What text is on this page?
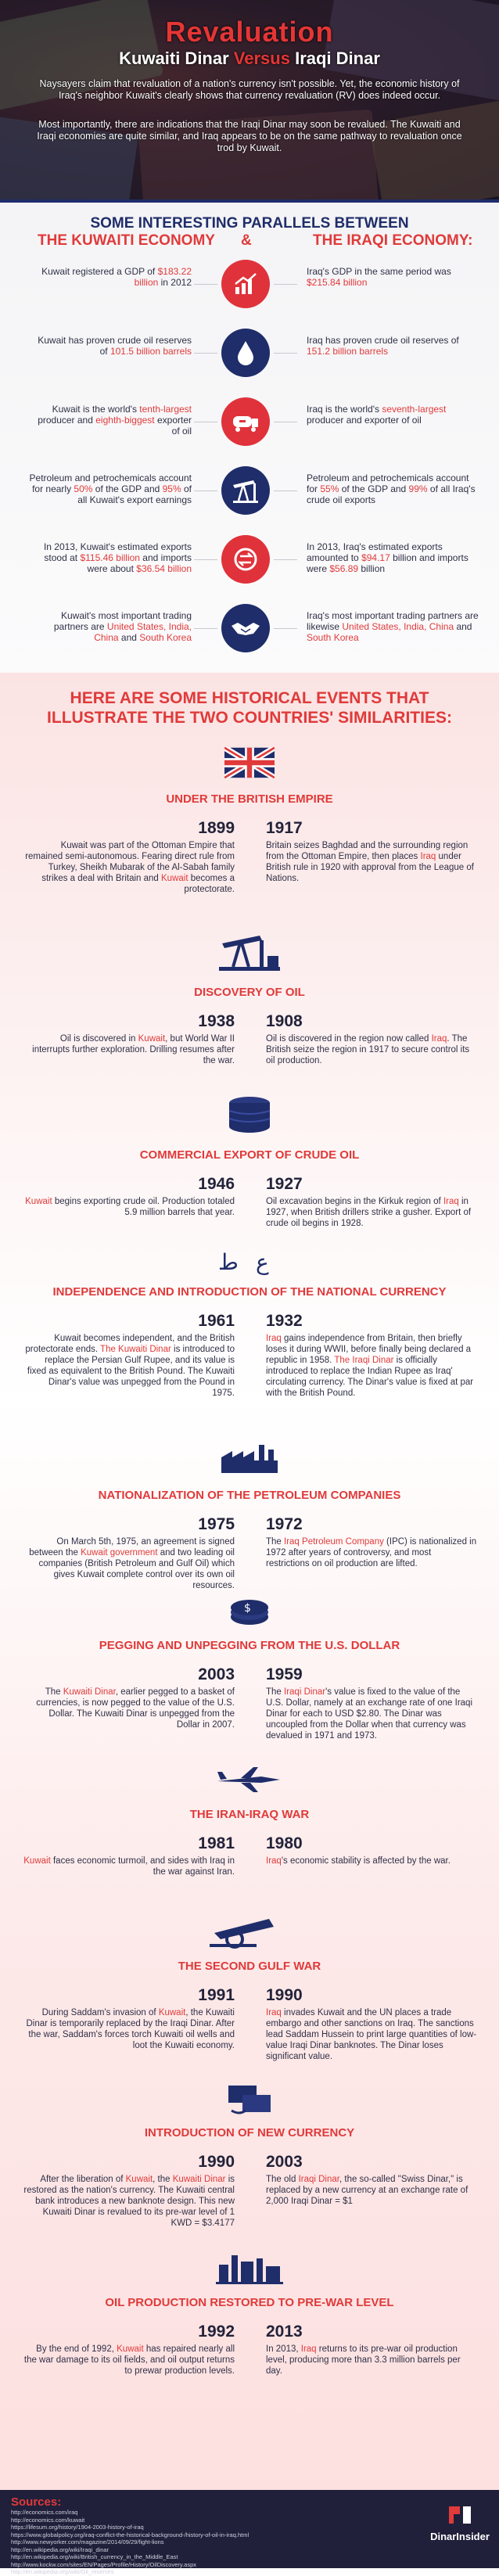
Revaluation
Kuwaiti Dinar Versus Iraqi Dinar
Naysayers claim that revaluation of a nation's currency isn't possible. Yet, the economic history of Iraq's neighbor Kuwait's clearly shows that currency revaluation (RV) does indeed occur.
Most importantly, there are indications that the Iraqi Dinar may soon be revalued. The Kuwaiti and Iraqi economies are quite similar, and Iraq appears to be on the same pathway to revaluation once trod by Kuwait.
SOME INTERESTING PARALLELS BETWEEN
THE KUWAITI ECONOMY &	THE IRAQI ECONOMY:
Kuwait registered a GDP of $183.22 billion in 2012
Iraq's GDP in the same period was $215.84 billion
Kuwait has proven crude oil reserves of 101.5 billion barrels
Iraq has proven crude oil reserves of 151.2 billion barrels
Kuwait is the world's tenth-largest producer and eighth-biggest exporter of oil
Iraq is the world's seventh-largest producer and exporter of oil
Petroleum and petrochemicals account for nearly 50% of the GDP and 95% of all Kuwait's export earnings
Petroleum and petrochemicals account for 55% of the GDP and 99% of all Iraq's crude oil exports
In 2013, Kuwait's estimated exports stood at $115.46 billion and imports were about $36.54 billion
In 2013, Iraq's estimated exports amounted to $94.17 billion and imports were $56.89 billion
Kuwait's most important trading partners are United States, India, China and South Korea
Iraq's most important trading partners are likewise United States, India, China and South Korea
HERE ARE SOME HISTORICAL EVENTS THAT ILLUSTRATE THE TWO COUNTRIES' SIMILARITIES:
UNDER THE BRITISH EMPIRE
1899 1917
Kuwait was part of the Ottoman Empire that remained semi-autonomous. Fearing direct rule from Turkey, Sheikh Mubarak of the Al-Sabah family strikes a deal with Britain and Kuwait becomes a protectorate.
Britain seizes Baghdad and the surrounding region from the Ottoman Empire, then places Iraq under British rule in 1920 with approval from the League of Nations.
DISCOVERY OF OIL
1938 1908
Oil is discovered in Kuwait, but World War II interrupts further exploration. Drilling resumes after the war.
Oil is discovered in the region now called Iraq. The British seize the region in 1917 to secure control its oil production.
COMMERCIAL EXPORT OF CRUDE OIL
1946 1927
Kuwait begins exporting crude oil. Production totaled 5.9 million barrels that year.
Oil excavation begins in the Kirkuk region of Iraq in 1927, when British drillers strike a gusher. Export of crude oil begins in 1928.
ط ع
INDEPENDENCE AND INTRODUCTION OF THE NATIONAL CURRENCY
1961 1932
Kuwait becomes independent, and the British protectorate ends. The Kuwaiti Dinar is introduced to replace the Persian Gulf Rupee, and its value is fixed as equivalent to the British Pound. The Kuwaiti Dinar's value was unpegged from the Pound in 1975.
Iraq gains independence from Britain, then briefly loses it during WWII, before finally being declared a republic in 1958. The Iraqi Dinar is officially introduced to replace the Indian Rupee as Iraq' circulating currency. The Dinar's value is fixed at par with the British Pound.
NATIONALIZATION OF THE PETROLEUM COMPANIES
1975 1972
On March 5th, 1975, an agreement is signed between the Kuwait government and two leading oil companies (British Petroleum and Gulf Oil) which gives Kuwait complete control over its own oil resources.
The Iraq Petroleum Company (IPC) is nationalized in 1972 after years of controversy, and most restrictions on oil production are lifted.
$
PEGGING AND UNPEGGING FROM THE U.S. DOLLAR
2003 1959
The Kuwaiti Dinar, earlier pegged to a basket of currencies, is now pegged to the value of the U.S. Dollar. The Kuwaiti Dinar is unpegged from the Dollar in 2007.
The Iraqi Dinar's value is fixed to the value of the U.S. Dollar, namely at an exchange rate of one Iraqi Dinar for each to USD $2.80. The Dinar was uncoupled from the Dollar when that currency was devalued in 1971 and 1973.
THE IRAN-IRAQ WAR
1981 1980
Kuwait faces economic turmoil, and sides with Iraq in the war against Iran.
Iraq's economic stability is affected by the war.
THE SECOND GULF WAR
1991 1990
During Saddam's invasion of Kuwait, the Kuwaiti Dinar is temporarily replaced by the Iraqi Dinar. After the war, Saddam's forces torch Kuwaiti oil wells and loot the Kuwaiti economy.
Iraq invades Kuwait and the UN places a trade embargo and other sanctions on Iraq. The sanctions lead Saddam Hussein to print large quantities of low-value Iraqi Dinar banknotes. The Dinar loses significant value.
INTRODUCTION OF NEW CURRENCY
1990 2003
After the liberation of Kuwait, the Kuwaiti Dinar is restored as the nation's currency. The Kuwaiti central bank introduces a new banknote design. This new Kuwaiti Dinar is revalued to its pre-war level of 1 KWD = $3.4177
The old Iraqi Dinar, the so-called "Swiss Dinar," is replaced by a new currency at an exchange rate of 2,000 Iraqi Dinar = $1
OIL PRODUCTION RESTORED TO PRE-WAR LEVEL
1992 2013
By the end of 1992, Kuwait has repaired nearly all the war damage to its oil fields, and oil output returns to prewar production levels.
In 2013, Iraq returns to its pre-war oil production level, producing more than 3.3 million barrels per day.
Sources:
http://economics.com/iraq
http://economics.com/kuwait
https://lifesum.org/history/1904-2003-history-of-iraq
https://www.globalpolicy.org/iraq-conflict-the-historical-background-/history-of-oil-in-iraq.html
http://www.newyorker.com/magazine/2014/09/29/fight-lions
http://en.wikipedia.org/wiki/Iraqi_dinar
http://en.wikipedia.org/wiki/British_currency_in_the_Middle_East
http://www.kockw.com/sites/EN/Pages/Profile/History/OilDiscovery.aspx
http://en.wikipedia.org/wiki/Oil_reserves
DinarInsider
